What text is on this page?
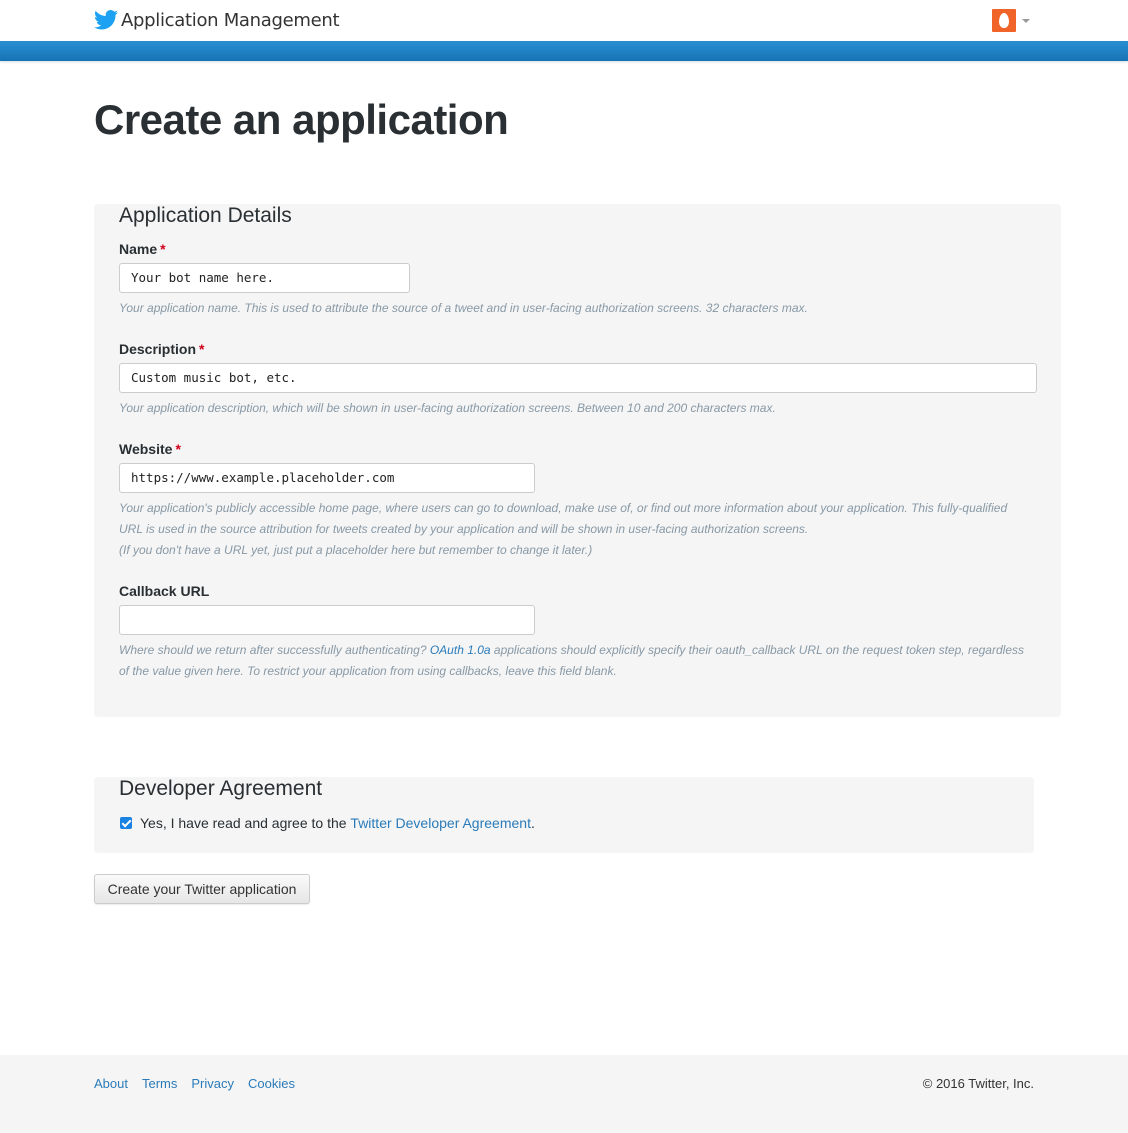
Application Management
Create an application
Application Details
Name *
Your bot name here.
Your application name. This is used to attribute the source of a tweet and in user-facing authorization screens. 32 characters max.
Description *
Custom music bot, etc.
Your application description, which will be shown in user-facing authorization screens. Between 10 and 200 characters max.
Website *
https://www.example.placeholder.com
Your application's publicly accessible home page, where users can go to download, make use of, or find out more information about your application. This fully-qualified
URL is used in the source attribution for tweets created by your application and will be shown in user-facing authorization screens.
(If you don't have a URL yet, just put a placeholder here but remember to change it later.)
Callback URL
Where should we return after successfully authenticating? OAuth 1.0a applications should explicitly specify their oauth_callback URL on the request token step, regardless
of the value given here. To restrict your application from using callbacks, leave this field blank.
Developer Agreement
Yes, I have read and agree to the
Twitter Developer Agreement .
Create your Twitter application
About Terms Privacy Cookies	© 2016 Twitter, Inc.
